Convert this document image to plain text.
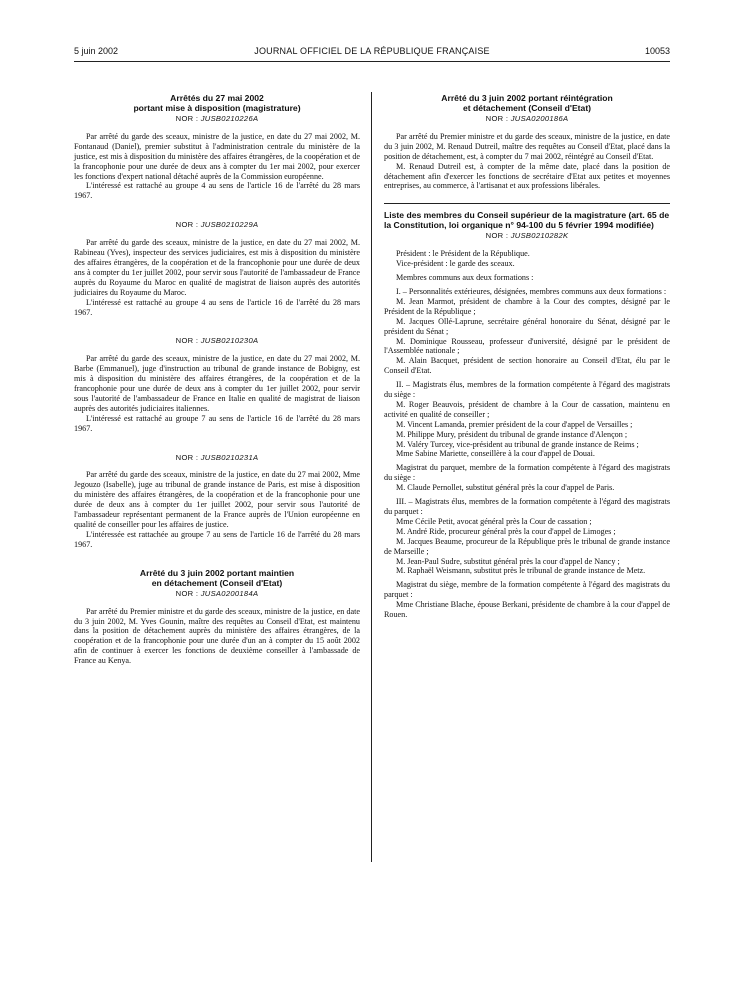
5 juin 2002	JOURNAL OFFICIEL DE LA RÉPUBLIQUE FRANÇAISE	10053
Arrêtés du 27 mai 2002
portant mise à disposition (magistrature)
NOR : JUSB0210226A

Par arrêté du garde des sceaux, ministre de la justice, en date du 27 mai 2002, M. Fontanaud (Daniel), premier substitut à l'administration centrale du ministère de la justice, est mis à disposition du ministère des affaires étrangères, de la coopération et de la francophonie pour une durée de deux ans à compter du 1er mai 2002, pour exercer les fonctions d'expert national détaché auprès de la Commission européenne.

L'intéressé est rattaché au groupe 4 au sens de l'article 16 de l'arrêté du 28 mars 1967.

NOR : JUSB0210229A

Par arrêté du garde des sceaux, ministre de la justice, en date du 27 mai 2002, M. Rabineau (Yves), inspecteur des services judiciaires, est mis à disposition du ministère des affaires étrangères, de la coopération et de la francophonie pour une durée de deux ans à compter du 1er juillet 2002, pour servir sous l'autorité de l'ambassadeur de France auprès du Royaume du Maroc en qualité de magistrat de liaison auprès des autorités judiciaires du Royaume du Maroc.

L'intéressé est rattaché au groupe 4 au sens de l'article 16 de l'arrêté du 28 mars 1967.

NOR : JUSB0210230A

Par arrêté du garde des sceaux, ministre de la justice, en date du 27 mai 2002, M. Barbe (Emmanuel), juge d'instruction au tribunal de grande instance de Bobigny, est mis à disposition du ministère des affaires étrangères, de la coopération et de la francophonie pour une durée de deux ans à compter du 1er juillet 2002, pour servir sous l'autorité de l'ambassadeur de France en Italie en qualité de magistrat de liaison auprès des autorités judiciaires italiennes.

L'intéressé est rattaché au groupe 7 au sens de l'article 16 de l'arrêté du 28 mars 1967.

NOR : JUSB0210231A

Par arrêté du garde des sceaux, ministre de la justice, en date du 27 mai 2002, Mme Jegouzo (Isabelle), juge au tribunal de grande instance de Paris, est mise à disposition du ministère des affaires étrangères, de la coopération et de la francophonie pour une durée de deux ans à compter du 1er juillet 2002, pour servir sous l'autorité de l'ambassadeur représentant permanent de la France auprès de l'Union européenne en qualité de conseiller pour les affaires de justice.

L'intéressée est rattachée au groupe 7 au sens de l'article 16 de l'arrêté du 28 mars 1967.

Arrêté du 3 juin 2002 portant maintien
en détachement (Conseil d'Etat)
NOR : JUSA0200184A

Par arrêté du Premier ministre et du garde des sceaux, ministre de la justice, en date du 3 juin 2002, M. Yves Gounin, maître des requêtes au Conseil d'Etat, est maintenu dans la position de détachement auprès du ministère des affaires étrangères, de la coopération et de la francophonie pour une durée d'un an à compter du 15 août 2002 afin de continuer à exercer les fonctions de deuxième conseiller à l'ambassade de France au Kenya.

Arrêté du 3 juin 2002 portant réintégration
et détachement (Conseil d'Etat)
NOR : JUSA0200186A

Par arrêté du Premier ministre et du garde des sceaux, ministre de la justice, en date du 3 juin 2002, M. Renaud Dutreil, maître des requêtes au Conseil d'Etat, placé dans la position de détachement, est, à compter du 7 mai 2002, réintégré au Conseil d'Etat.

M. Renaud Dutreil est, à compter de la même date, placé dans la position de détachement afin d'exercer les fonctions de secrétaire d'Etat aux petites et moyennes entreprises, au commerce, à l'artisanat et aux professions libérales.

Liste des membres du Conseil supérieur de la magistrature (art. 65 de la Constitution, loi organique n° 94-100 du 5 février 1994 modifiée)
NOR : JUSB0210282K

Président : le Président de la République.

Vice-président : le garde des sceaux.

Membres communs aux deux formations :

I. – Personnalités extérieures, désignées, membres communs aux deux formations :

M. Jean Marmot, président de chambre à la Cour des comptes, désigné par le Président de la République ;

M. Jacques Ollé-Laprune, secrétaire général honoraire du Sénat, désigné par le président du Sénat ;

M. Dominique Rousseau, professeur d'université, désigné par le président de l'Assemblée nationale ;

M. Alain Bacquet, président de section honoraire au Conseil d'Etat, élu par le Conseil d'Etat.

II. – Magistrats élus, membres de la formation compétente à l'égard des magistrats du siège :

M. Roger Beauvois, président de chambre à la Cour de cassation, maintenu en activité en qualité de conseiller ;

M. Vincent Lamanda, premier président de la cour d'appel de Versailles ;

M. Philippe Mury, président du tribunal de grande instance d'Alençon ;

M. Valéry Turcey, vice-président au tribunal de grande instance de Reims ;

Mme Sabine Mariette, conseillère à la cour d'appel de Douai.

Magistrat du parquet, membre de la formation compétente à l'égard des magistrats du siège :

M. Claude Pernollet, substitut général près la cour d'appel de Paris.

III. – Magistrats élus, membres de la formation compétente à l'égard des magistrats du parquet :

Mme Cécile Petit, avocat général près la Cour de cassation ;

M. André Ride, procureur général près la cour d'appel de Limoges ;

M. Jacques Beaume, procureur de la République près le tribunal de grande instance de Marseille ;

M. Jean-Paul Sudre, substitut général près la cour d'appel de Nancy ;

M. Raphaël Weismann, substitut près le tribunal de grande instance de Metz.

Magistrat du siège, membre de la formation compétente à l'égard des magistrats du parquet :

Mme Christiane Blache, épouse Berkani, présidente de chambre à la cour d'appel de Rouen.
